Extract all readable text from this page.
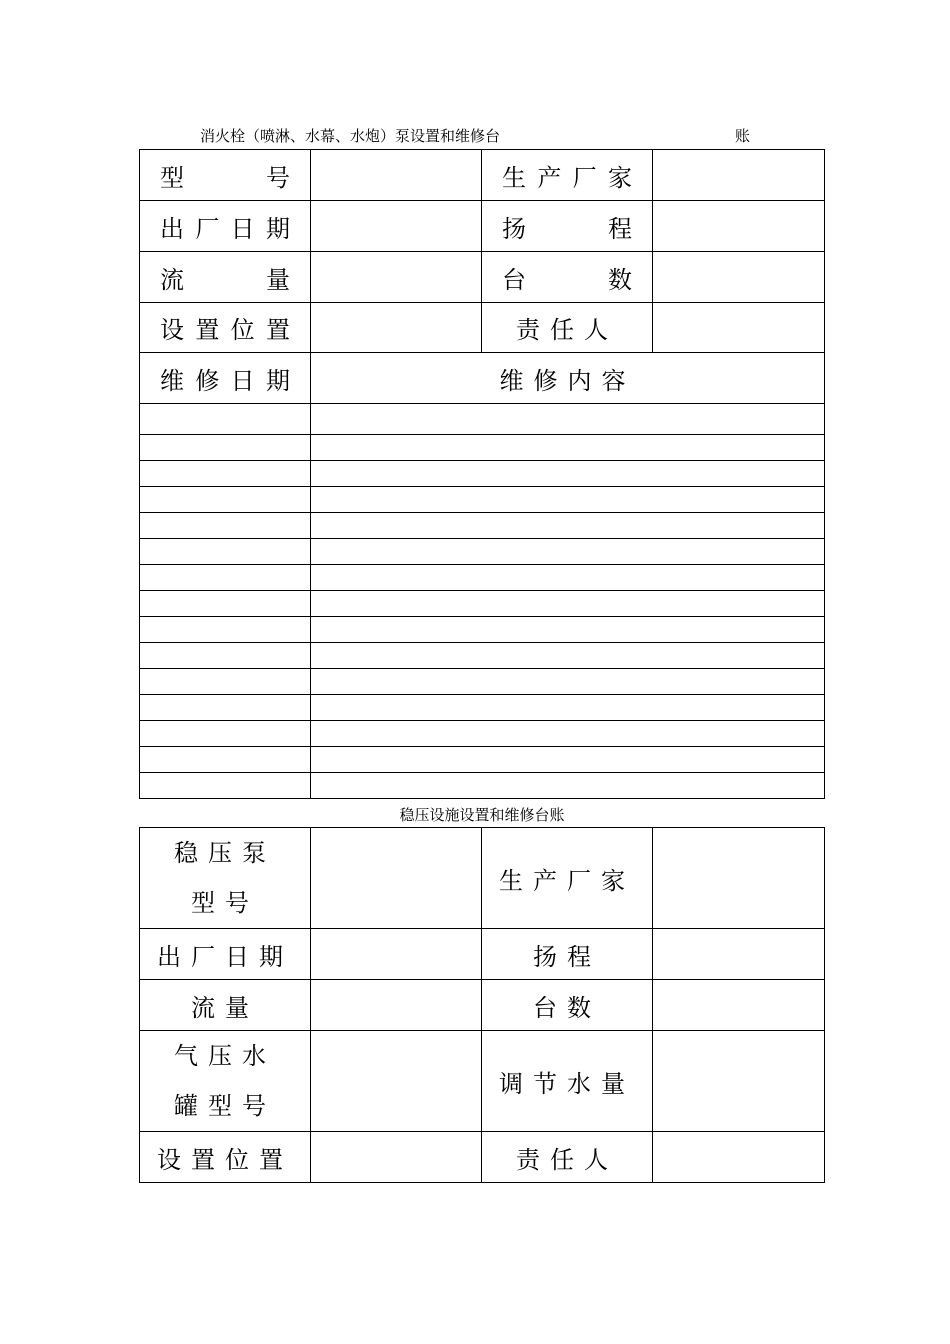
消火栓（喷淋、水幕、水炮）泵设置和维修台	账
型 号		生 产 厂 家	

出 厂 日 期		扬 程	

流 量		台 数	

设 置 位 置		责任人	

维 修 日 期	维修内容		

稳压设施设置和维修台账
稳压泵型号		生产厂家	
出厂日期		扬程	
流量		台数	
气压水罐型号		调节水量	
设置位置		责任人	
